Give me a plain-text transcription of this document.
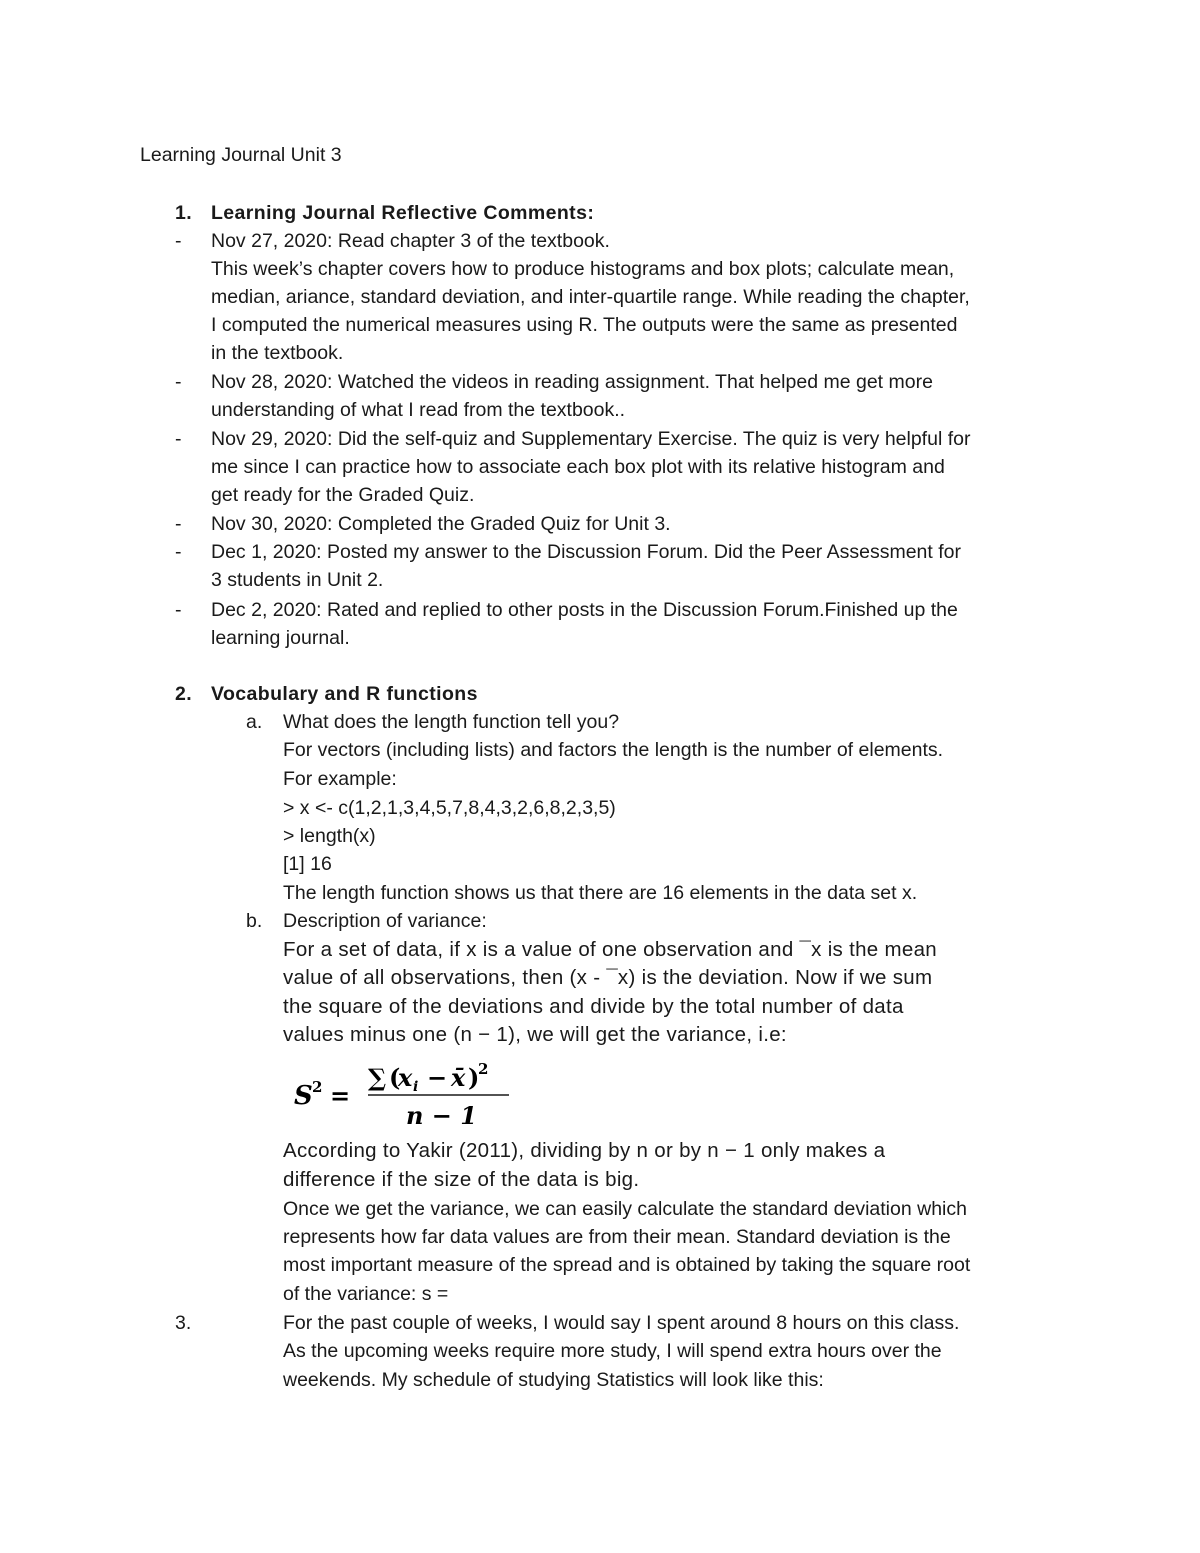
Learning Journal Unit 3
1. Learning Journal Reflective Comments:
- Nov 27, 2020: Read chapter 3 of the textbook.
This week’s chapter covers how to produce histograms and box plots; calculate mean,
median, ariance, standard deviation, and inter-quartile range. While reading the chapter,
I computed the numerical measures using R. The outputs were the same as presented
in the textbook.
- Nov 28, 2020: Watched the videos in reading assignment. That helped me get more
understanding of what I read from the textbook..
- Nov 29, 2020: Did the self-quiz and Supplementary Exercise. The quiz is very helpful for
me since I can practice how to associate each box plot with its relative histogram and
get ready for the Graded Quiz.
- Nov 30, 2020: Completed the Graded Quiz for Unit 3.
- Dec 1, 2020: Posted my answer to the Discussion Forum. Did the Peer Assessment for
3 students in Unit 2.
- Dec 2, 2020: Rated and replied to other posts in the Discussion Forum.Finished up the
learning journal.
2. Vocabulary and R functions
a. What does the length function tell you?
For vectors (including lists) and factors the length is the number of elements.
For example:
> x <- c(1,2,1,3,4,5,7,8,4,3,2,6,8,2,3,5)
> length(x)
[1] 16
The length function shows us that there are 16 elements in the data set x.
b. Description of variance:
For a set of data, if x is a value of one observation and ¯x is the mean
value of all observations, then (x - ¯x) is the deviation. Now if we sum
the square of the deviations and divide by the total number of data
values minus one (n − 1), we will get the variance, i.e:
S 2 =
∑ (
x i − x̄ )
2
n − 1
According to Yakir (2011), dividing by n or by n − 1 only makes a
difference if the size of the data is big.
Once we get the variance, we can easily calculate the standard deviation which
represents how far data values are from their mean. Standard deviation is the
most important measure of the spread and is obtained by taking the square root
of the variance: s =
3.	For the past couple of weeks, I would say I spent around 8 hours on this class.
As the upcoming weeks require more study, I will spend extra hours over the
weekends. My schedule of studying Statistics will look like this:
